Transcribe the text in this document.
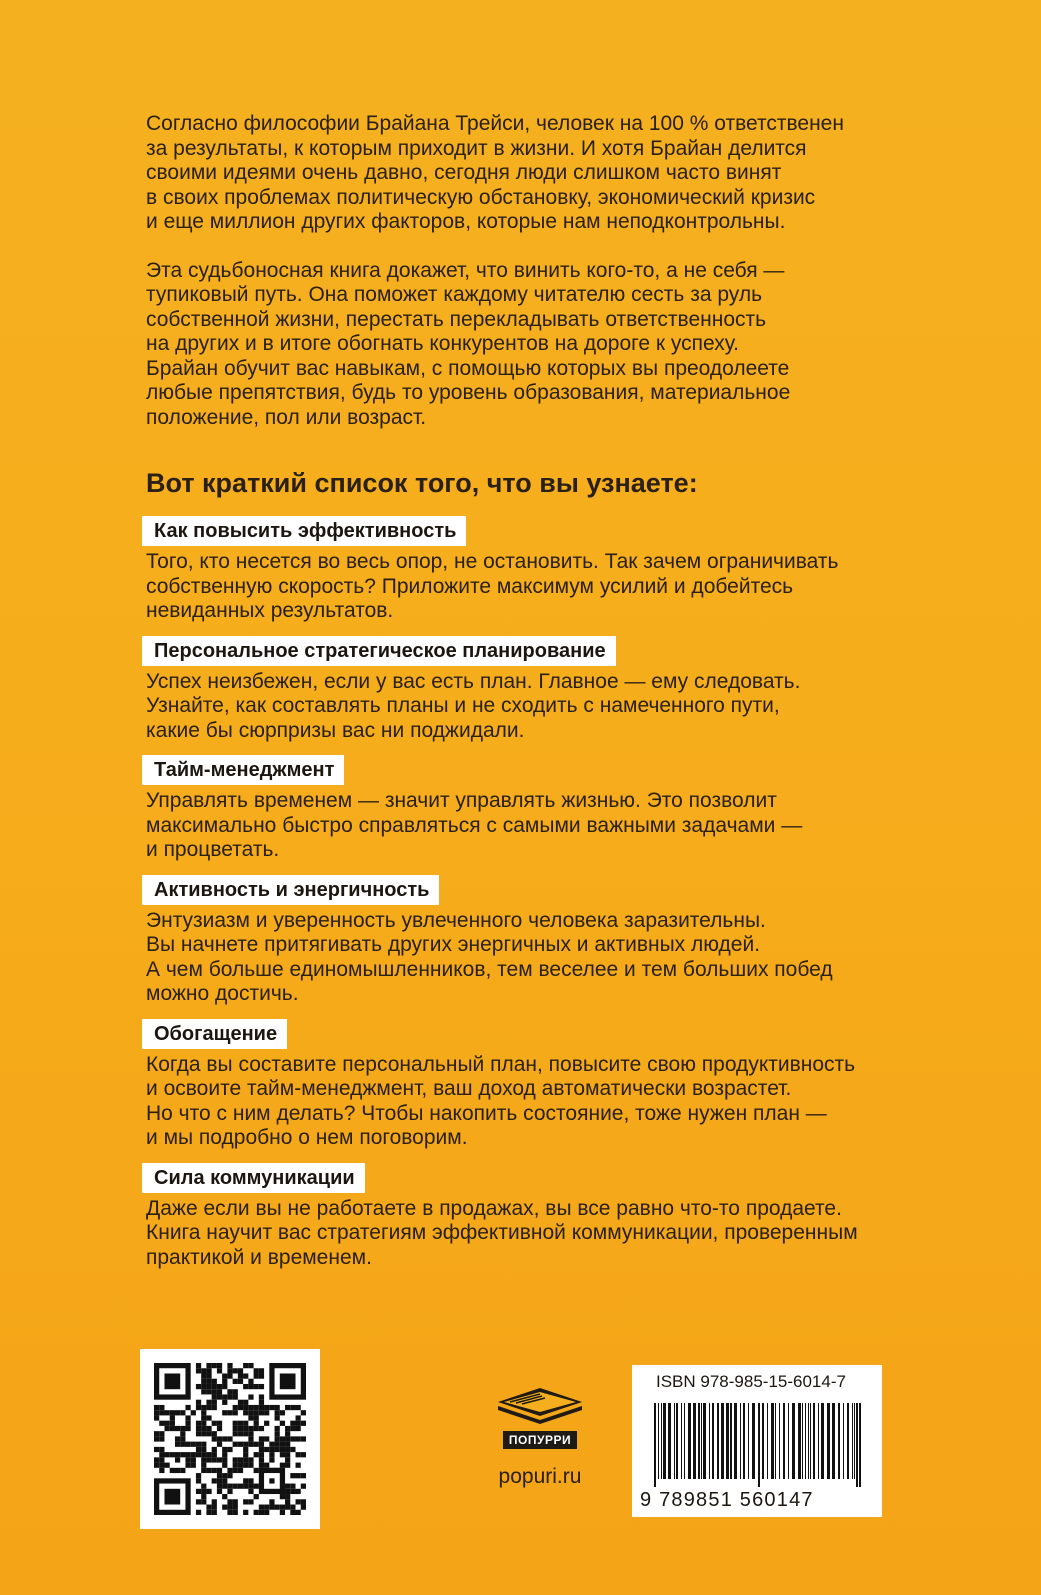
Согласно философии Брайана Трейси, человек на 100 % ответственен
за результаты, к которым приходит в жизни. И хотя Брайан делится
своими идеями очень давно, сегодня люди слишком часто винят
в своих проблемах политическую обстановку, экономический кризис
и еще миллион других факторов, которые нам неподконтрольны.

Эта судьбоносная книга докажет, что винить кого-то, а не себя —
тупиковый путь. Она поможет каждому читателю сесть за руль
собственной жизни, перестать перекладывать ответственность
на других и в итоге обогнать конкурентов на дороге к успеху.
Брайан обучит вас навыкам, с помощью которых вы преодолеете
любые препятствия, будь то уровень образования, материальное
положение, пол или возраст.

Вот краткий список того, что вы узнаете:
Как повысить эффективность
Того, кто несется во весь опор, не остановить. Так зачем ограничивать
собственную скорость? Приложите максимум усилий и добейтесь
невиданных результатов.
Персональное стратегическое планирование
Успех неизбежен, если у вас есть план. Главное — ему следовать.
Узнайте, как составлять планы и не сходить с намеченного пути,
какие бы сюрпризы вас ни поджидали.
Тайм-менеджмент
Управлять временем — значит управлять жизнью. Это позволит
максимально быстро справляться с самыми важными задачами —
и процветать.
Активность и энергичность
Энтузиазм и уверенность увлеченного человека заразительны.
Вы начнете притягивать других энергичных и активных людей.
А чем больше единомышленников, тем веселее и тем больших побед
можно достичь.
Обогащение
Когда вы составите персональный план, повысите свою продуктивность
и освоите тайм-менеджмент, ваш доход автоматически возрастет.
Но что с ним делать? Чтобы накопить состояние, тоже нужен план —
и мы подробно о нем поговорим.
Сила коммуникации
Даже если вы не работаете в продажах, вы все равно что-то продаете.
Книга научит вас стратегиям эффективной коммуникации, проверенным
практикой и временем.
ПОПУРРИ
popuri.ru
ISBN 978-985-15-6014-7
9 789851 560147
